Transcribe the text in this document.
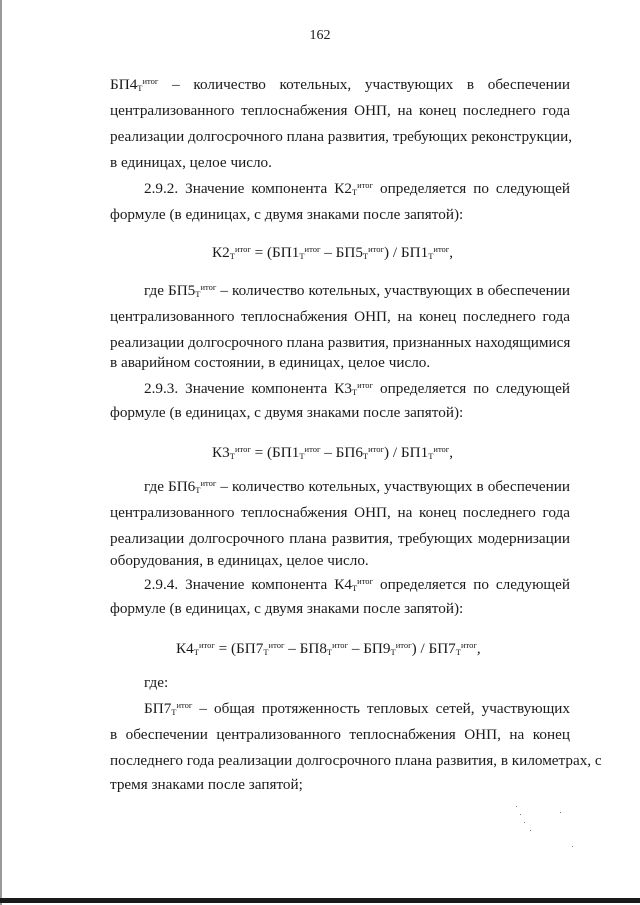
162
$БП4_Т^{итог}$ – количество котельных, участвующих в обеспечении
централизованного теплоснабжения ОНП, на конец последнего года
реализации долгосрочного плана развития, требующих реконструкции,
в единицах, целое число.
2.9.2. Значение компонента $К2_Т^{итог}$ определяется по следующей
формуле (в единицах, с двумя знаками после запятой):
$К2_Т^{итог} = (БП1_Т^{итог} - БП5_Т^{итог}) / БП1_Т^{итог}$,
где $БП5_Т^{итог}$ – количество котельных, участвующих в обеспечении
централизованного теплоснабжения ОНП, на конец последнего года
реализации долгосрочного плана развития, признанных находящимися
в аварийном состоянии, в единицах, целое число.
2.9.3. Значение компонента $К3_Т^{итог}$ определяется по следующей
формуле (в единицах, с двумя знаками после запятой):
$К3_Т^{итог} = (БП1_Т^{итог} - БП6_Т^{итог}) / БП1_Т^{итог}$,
где $БП6_Т^{итог}$ – количество котельных, участвующих в обеспечении
централизованного теплоснабжения ОНП, на конец последнего года
реализации долгосрочного плана развития, требующих модернизации
оборудования, в единицах, целое число.
2.9.4. Значение компонента $К4_Т^{итог}$ определяется по следующей
формуле (в единицах, с двумя знаками после запятой):
$К4_Т^{итог} = (БП7_Т^{итог} - БП8_Т^{итог} - БП9_Т^{итог}) / БП7_Т^{итог}$,
где:
$БП7_Т^{итог}$ – общая протяженность тепловых сетей, участвующих
в обеспечении централизованного теплоснабжения ОНП, на конец
последнего года реализации долгосрочного плана развития, в километрах, с
тремя знаками после запятой;
